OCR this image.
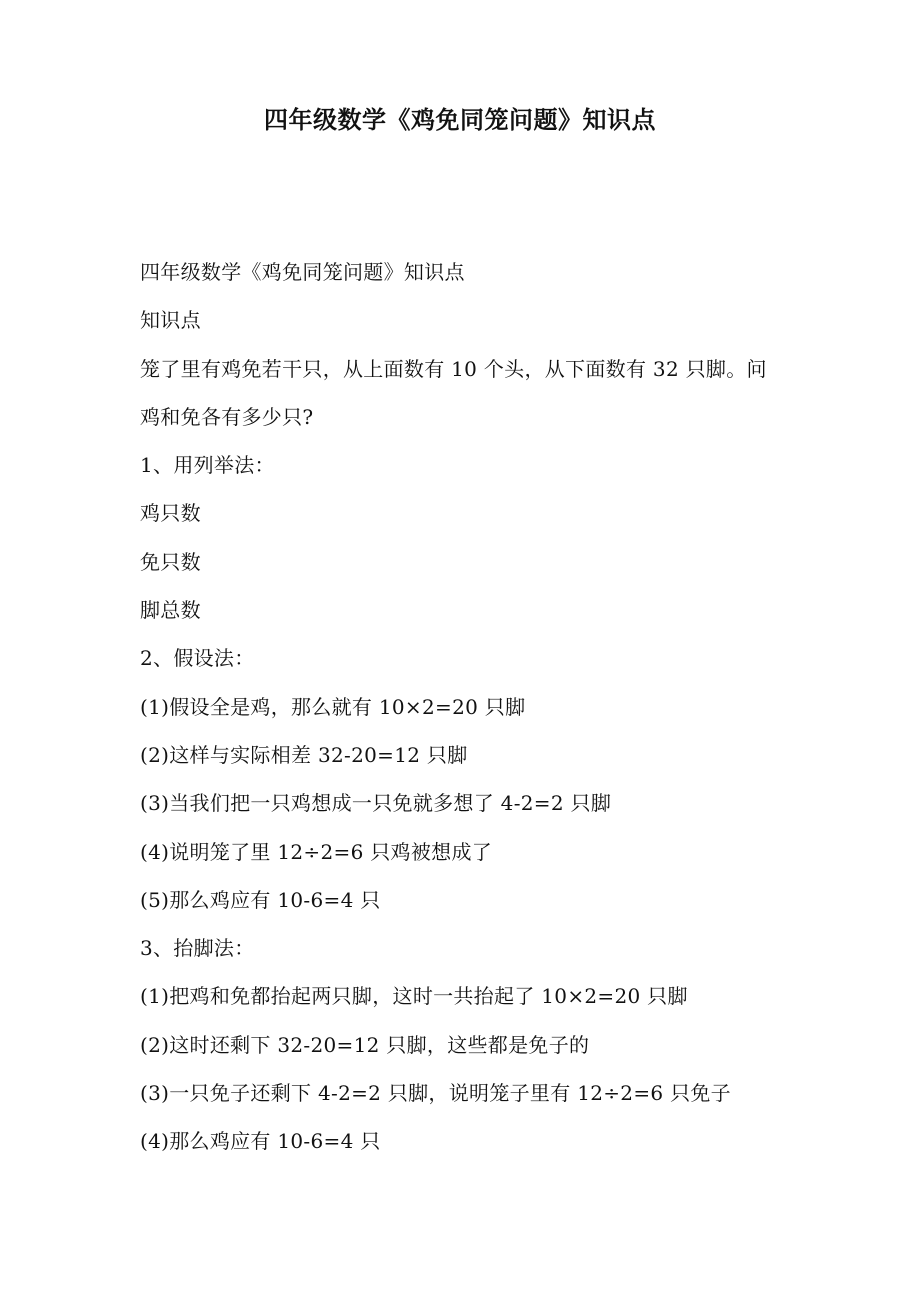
四年级数学《鸡免同笼问题》知识点
四年级数学《鸡免同笼问题》知识点
知识点
笼了里有鸡免若干只，从上面数有 10 个头，从下面数有 32 只脚。问
鸡和免各有多少只?
1、用列举法：
鸡只数
免只数
脚总数
2、假设法：
(1)假设全是鸡，那么就有 10×2=20 只脚
(2)这样与实际相差 32-20=12 只脚
(3)当我们把一只鸡想成一只免就多想了 4-2=2 只脚
(4)说明笼了里 12÷2=6 只鸡被想成了
(5)那么鸡应有 10-6=4 只
3、抬脚法：
(1)把鸡和免都抬起两只脚，这时一共抬起了 10×2=20 只脚
(2)这时还剩下 32-20=12 只脚，这些都是免子的
(3)一只免子还剩下 4-2=2 只脚，说明笼子里有 12÷2=6 只免子
(4)那么鸡应有 10-6=4 只
